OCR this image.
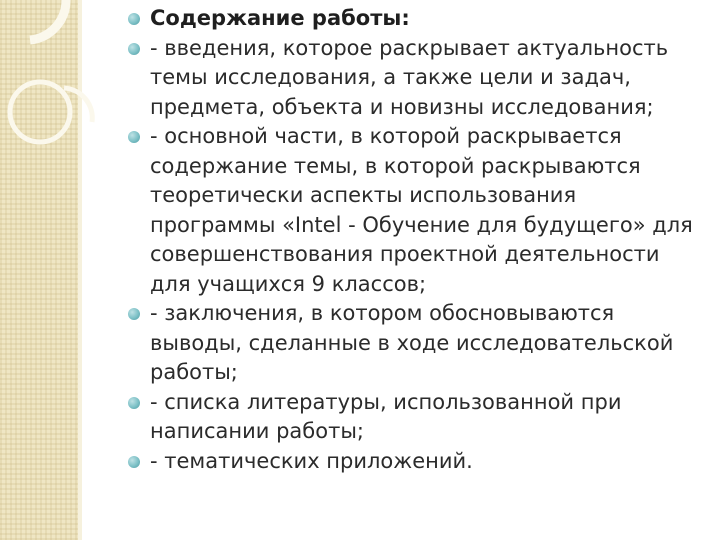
Содержание работы:
‐ введения, которое раскрывает актуальность темы исследования, а также цели и задач, предмета, объекта и новизны исследования;
‐ основной части, в которой раскрывается содержание темы, в которой раскрываются теоретически аспекты использования программы «Intel ‐ Обучение для будущего» для совершенствования проектной деятельности для учащихся 9 классов;
‐ заключения, в котором обосновываются выводы, сделанные в ходе исследовательской работы;
‐ списка литературы, использованной при написании работы;
‐ тематических приложений.
